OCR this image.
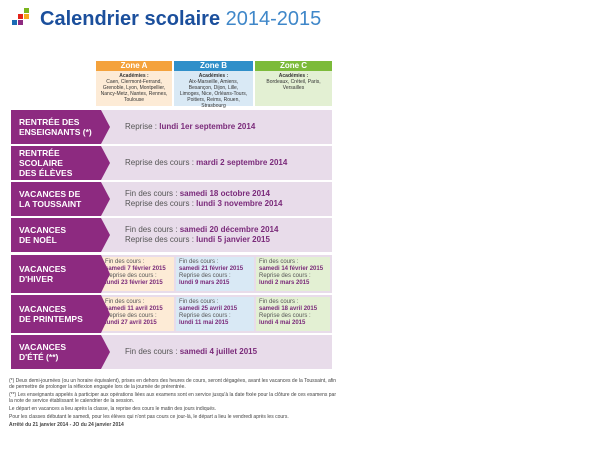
Calendrier scolaire 2014-2015
Zone A
Académies :
Caen, Clermont-Ferrand, Grenoble, Lyon, Montpellier, Nancy-Metz, Nantes, Rennes, Toulouse
Zone B
Académies :
Aix-Marseille, Amiens, Besançon, Dijon, Lille, Limoges, Nice, Orléans-Tours, Poitiers, Reims, Rouen, Strasbourg
Zone C
Académies :
Bordeaux, Créteil, Paris, Versailles
Reprise : lundi 1er septembre 2014
RENTRÉE DES
ENSEIGNANTS (*)
Reprise des cours : mardi 2 septembre 2014
RENTRÉE SCOLAIRE
DES ÉLÈVES
Fin des cours : samedi 18 octobre 2014
Reprise des cours : lundi 3 novembre 2014
VACANCES DE
LA TOUSSAINT
Fin des cours : samedi 20 décembre 2014
Reprise des cours : lundi 5 janvier 2015
VACANCES
DE NOËL
Fin des cours :
samedi 7 février 2015
Reprise des cours :
lundi 23 février 2015
Fin des cours :
samedi 21 février 2015
Reprise des cours :
lundi 9 mars 2015
Fin des cours :
samedi 14 février 2015
Reprise des cours :
lundi 2 mars 2015
VACANCES
D'HIVER
Fin des cours :
samedi 11 avril 2015
Reprise des cours :
lundi 27 avril 2015
Fin des cours :
samedi 25 avril 2015
Reprise des cours :
lundi 11 mai 2015
Fin des cours :
samedi 18 avril 2015
Reprise des cours :
lundi 4 mai 2015
VACANCES
DE PRINTEMPS
Fin des cours : samedi 4 juillet 2015
VACANCES
D'ÉTÉ (**)

(*) Deux demi-journées (ou un horaire équivalent), prises en dehors des heures de cours, seront dégagées, avant les vacances de la Toussaint, afin de permettre de prolonger la réflexion engagée lors de la journée de prérentrée.

(**) Les enseignants appelés à participer aux opérations liées aux examens sont en service jusqu'à la date fixée pour la clôture de ces examens par la note de service établissant le calendrier de la session.

Le départ en vacances a lieu après la classe, la reprise des cours le matin des jours indiqués.

Pour les classes débutant le samedi, pour les élèves qui n'ont pas cours ce jour-là, le départ a lieu le vendredi après les cours.

Arrêté du 21 janvier 2014 - JO du 24 janvier 2014
